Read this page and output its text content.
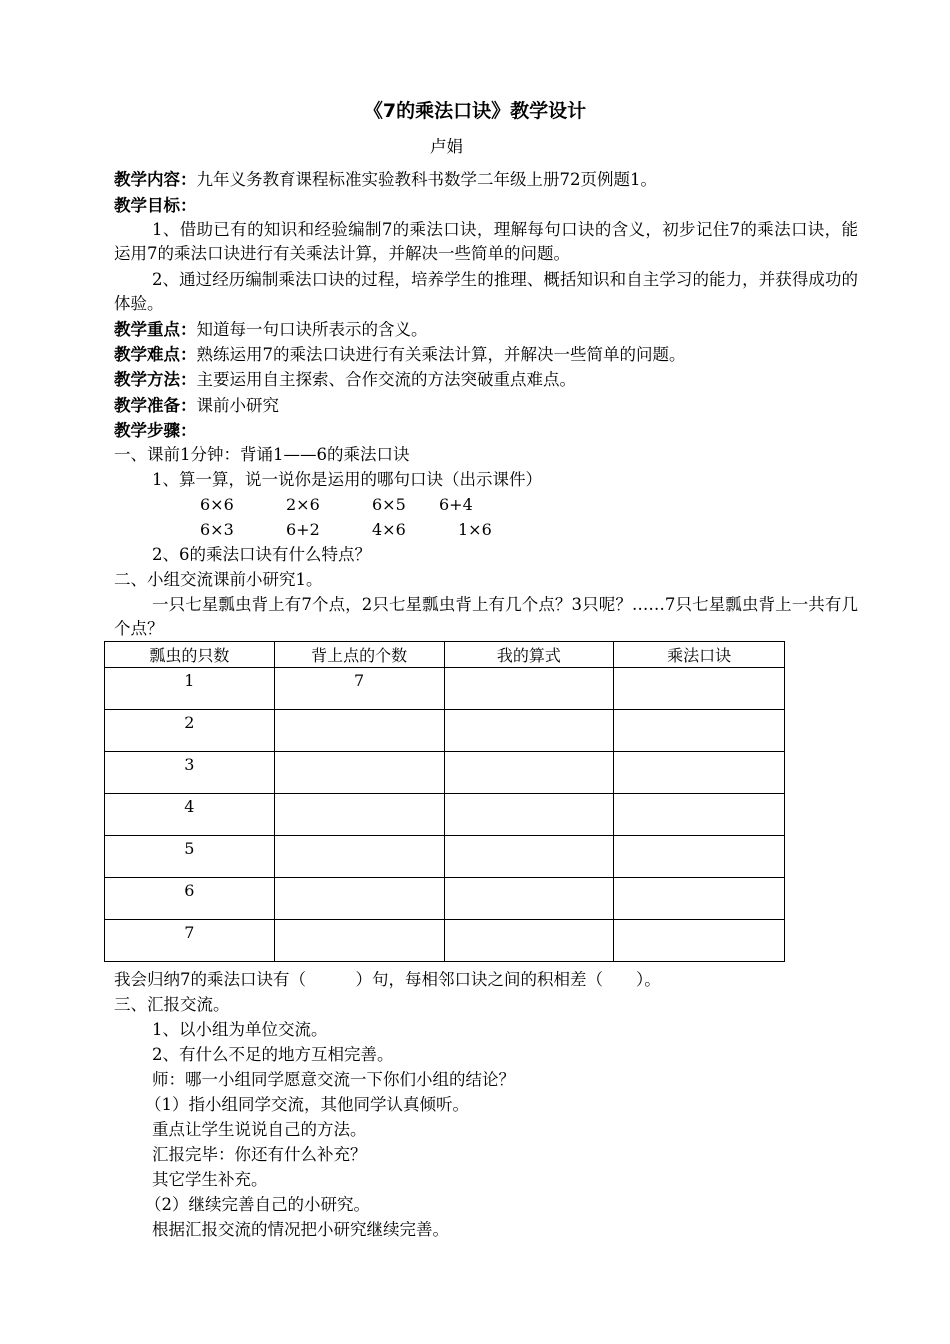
《7的乘法口诀》教学设计
卢娟
教学内容：九年义务教育课程标准实验教科书数学二年级上册72页例题1。
教学目标：
1、借助已有的知识和经验编制7的乘法口诀，理解每句口诀的含义，初步记住7的乘法口诀，能运用7的乘法口诀进行有关乘法计算，并解决一些简单的问题。
2、通过经历编制乘法口诀的过程，培养学生的推理、概括知识和自主学习的能力，并获得成功的体验。
教学重点：知道每一句口诀所表示的含义。
教学难点：熟练运用7的乘法口诀进行有关乘法计算，并解决一些简单的问题。
教学方法：主要运用自主探索、合作交流的方法突破重点难点。
教学准备：课前小研究
教学步骤：
一、课前1分钟：背诵1——6的乘法口诀
1、算一算，说一说你是运用的哪句口诀（出示课件）
6×6	2×6	6×5 6+4
6×3	6+2	4×6	1×6
2、6的乘法口诀有什么特点？
二、小组交流课前小研究1。
一只七星瓢虫背上有7个点，2只七星瓢虫背上有几个点？3只呢？……7只七星瓢虫背上一共有几个点？
瓢虫的只数	背上点的个数	我的算式	乘法口诀
1	7		
2			
3			
4			
5			
6			
7			
我会归纳7的乘法口诀有（　　　）句，每相邻口诀之间的积相差（　　）。
三、汇报交流。
1、以小组为单位交流。
2、有什么不足的地方互相完善。
师：哪一小组同学愿意交流一下你们小组的结论？
（1）指小组同学交流，其他同学认真倾听。
重点让学生说说自己的方法。
汇报完毕：你还有什么补充？
其它学生补充。
（2）继续完善自己的小研究。
根据汇报交流的情况把小研究继续完善。
